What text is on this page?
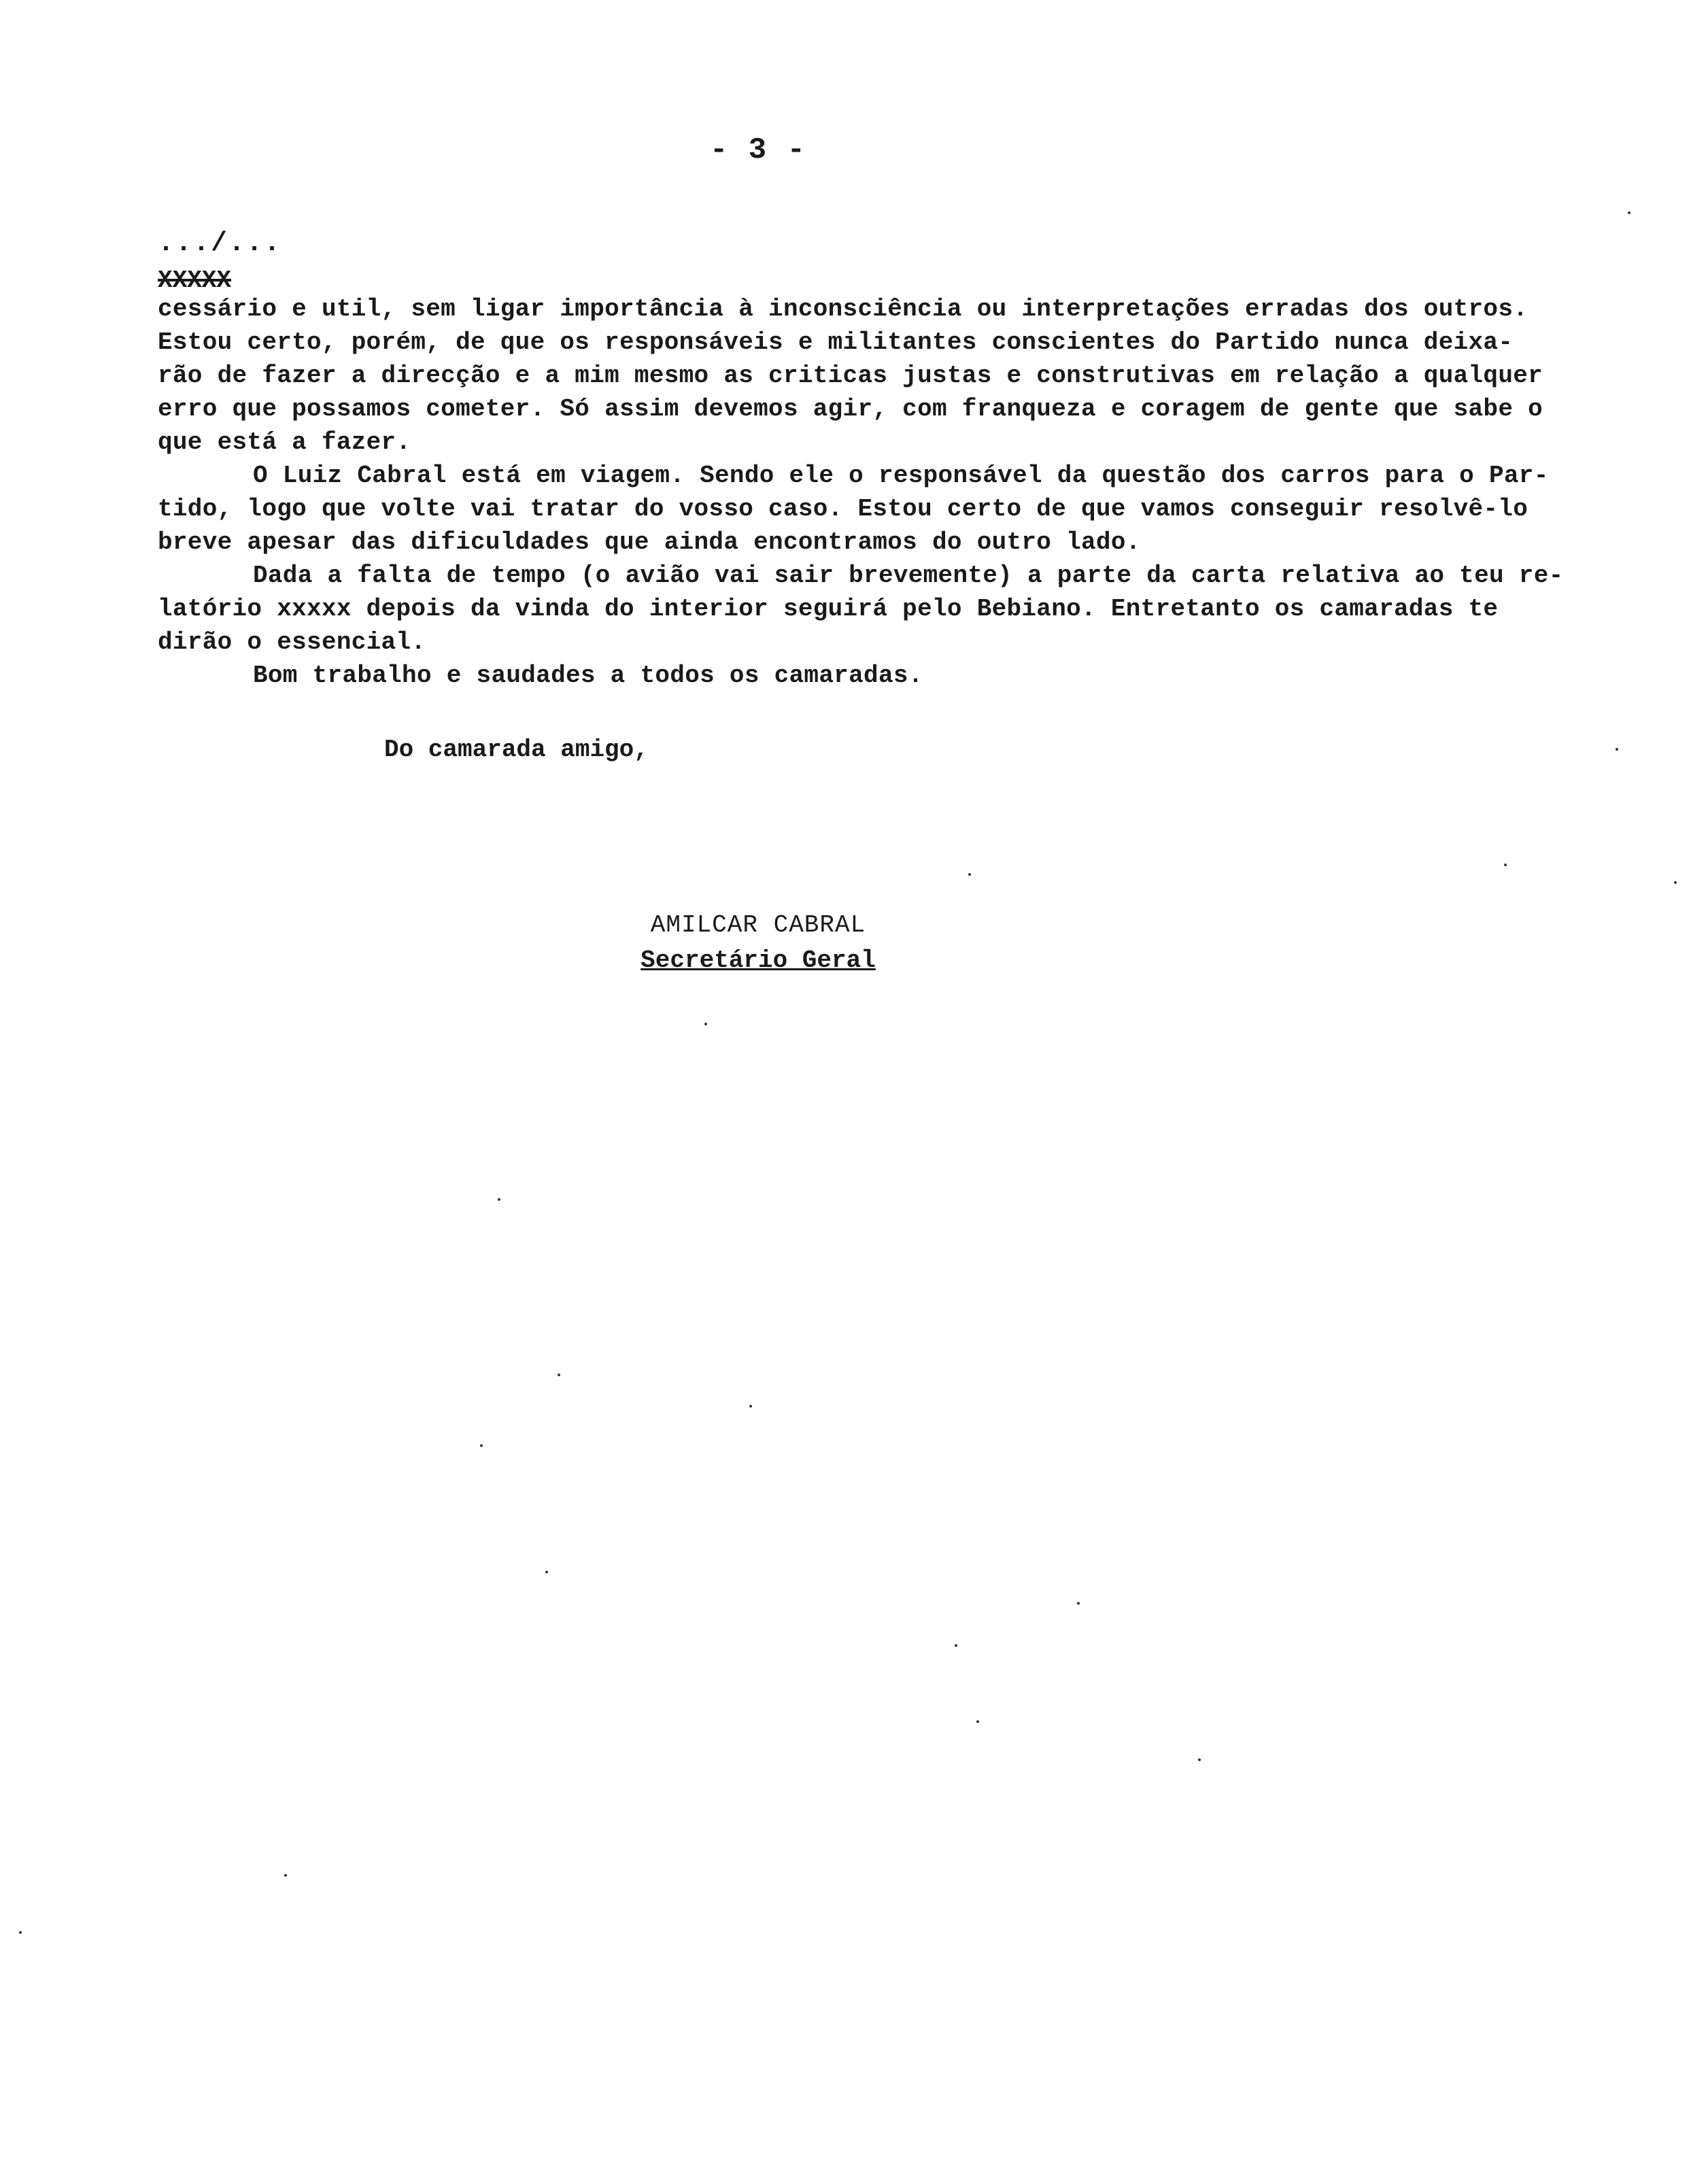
- 3 -
.../...
XXXXX
cessário e util, sem ligar importância à inconsciência ou interpretações erradas dos outros.
Estou certo, porém, de que os responsáveis e militantes conscientes do Partido nunca deixa-
rão de fazer a direcção e a mim mesmo as criticas justas e construtivas em relação a qualquer
erro que possamos cometer. Só assim devemos agir, com franqueza e coragem de gente que sabe o
que está a fazer.
O Luiz Cabral está em viagem. Sendo ele o responsável da questão dos carros para o Par-
tido, logo que volte vai tratar do vosso caso. Estou certo de que vamos conseguir resolvê-lo
breve apesar das dificuldades que ainda encontramos do outro lado.
Dada a falta de tempo (o avião vai sair brevemente) a parte da carta relativa ao teu re-
latório xxxxx depois da vinda do interior seguirá pelo Bebiano. Entretanto os camaradas te
dirão o essencial.
Bom trabalho e saudades a todos os camaradas.
Do camarada amigo,
AMILCAR CABRAL
Secretário Geral
